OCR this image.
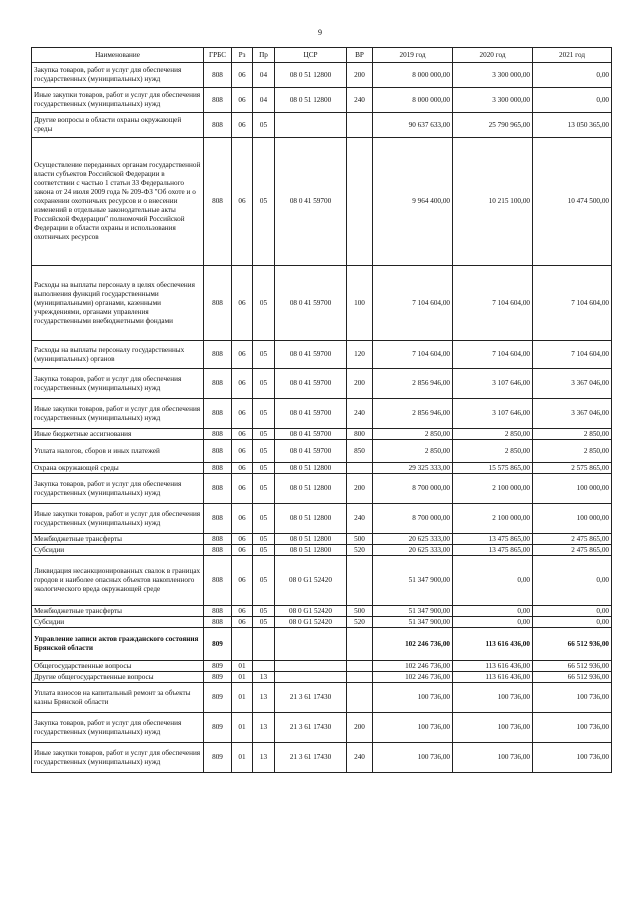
9
Наименование	ГРБС	Рз	Пр	ЦСР	ВР	2019 год	2020 год	2021 год
Закупка товаров, работ и услуг для обеспечения государственных (муниципальных) нужд	808	06	04	08 0 51 12800	200	8 000 000,00	3 300 000,00	0,00
Иные закупки товаров, работ и услуг для обеспечения государственных (муниципальных) нужд	808	06	04	08 0 51 12800	240	8 000 000,00	3 300 000,00	0,00
Другие вопросы в области охраны окружающей среды	808	06	05			90 637 633,00	25 790 965,00	13 050 365,00
Осуществление переданных органам государственной власти субъектов Российской Федерации в соответствии с частью 1 статьи 33 Федерального закона от 24 июля 2009 года № 209-ФЗ "Об охоте и о сохранении охотничьих ресурсов и о внесении изменений в отдельные законодательные акты Российской Федерации" полномочий Российской Федерации в области охраны и использования охотничьих ресурсов	808	06	05	08 0 41 59700		9 964 400,00	10 215 100,00	10 474 500,00
Расходы на выплаты персоналу в целях обеспечения выполнения функций государственными (муниципальными) органами, казенными учреждениями, органами управления государственными внебюджетными фондами	808	06	05	08 0 41 59700	100	7 104 604,00	7 104 604,00	7 104 604,00
Расходы на выплаты персоналу государственных (муниципальных) органов	808	06	05	08 0 41 59700	120	7 104 604,00	7 104 604,00	7 104 604,00
Закупка товаров, работ и услуг для обеспечения государственных (муниципальных) нужд	808	06	05	08 0 41 59700	200	2 856 946,00	3 107 646,00	3 367 046,00
Иные закупки товаров, работ и услуг для обеспечения государственных (муниципальных) нужд	808	06	05	08 0 41 59700	240	2 856 946,00	3 107 646,00	3 367 046,00
Иные бюджетные ассигнования	808	06	05	08 0 41 59700	800	2 850,00	2 850,00	2 850,00
Уплата налогов, сборов и иных платежей	808	06	05	08 0 41 59700	850	2 850,00	2 850,00	2 850,00
Охрана окружающей среды	808	06	05	08 0 51 12800		29 325 333,00	15 575 865,00	2 575 865,00
Закупка товаров, работ и услуг для обеспечения государственных (муниципальных) нужд	808	06	05	08 0 51 12800	200	8 700 000,00	2 100 000,00	100 000,00
Иные закупки товаров, работ и услуг для обеспечения государственных (муниципальных) нужд	808	06	05	08 0 51 12800	240	8 700 000,00	2 100 000,00	100 000,00
Межбюджетные трансферты	808	06	05	08 0 51 12800	500	20 625 333,00	13 475 865,00	2 475 865,00
Субсидии	808	06	05	08 0 51 12800	520	20 625 333,00	13 475 865,00	2 475 865,00
Ликвидация несанкционированных свалок в границах городов и наиболее опасных объектов накопленного экологического вреда окружающей среде	808	06	05	08 0 G1 52420		51 347 900,00	0,00	0,00
Межбюджетные трансферты	808	06	05	08 0 G1 52420	500	51 347 900,00	0,00	0,00
Субсидии	808	06	05	08 0 G1 52420	520	51 347 900,00	0,00	0,00
Управление записи актов гражданского состояния Брянской области	809					102 246 736,00	113 616 436,00	66 512 936,00
Общегосударственные вопросы	809	01				102 246 736,00	113 616 436,00	66 512 936,00
Другие общегосударственные вопросы	809	01	13			102 246 736,00	113 616 436,00	66 512 936,00
Уплата взносов на капитальный ремонт за объекты казны Брянской области	809	01	13	21 3 61 17430		100 736,00	100 736,00	100 736,00
Закупка товаров, работ и услуг для обеспечения государственных (муниципальных) нужд	809	01	13	21 3 61 17430	200	100 736,00	100 736,00	100 736,00
Иные закупки товаров, работ и услуг для обеспечения государственных (муниципальных) нужд	809	01	13	21 3 61 17430	240	100 736,00	100 736,00	100 736,00
